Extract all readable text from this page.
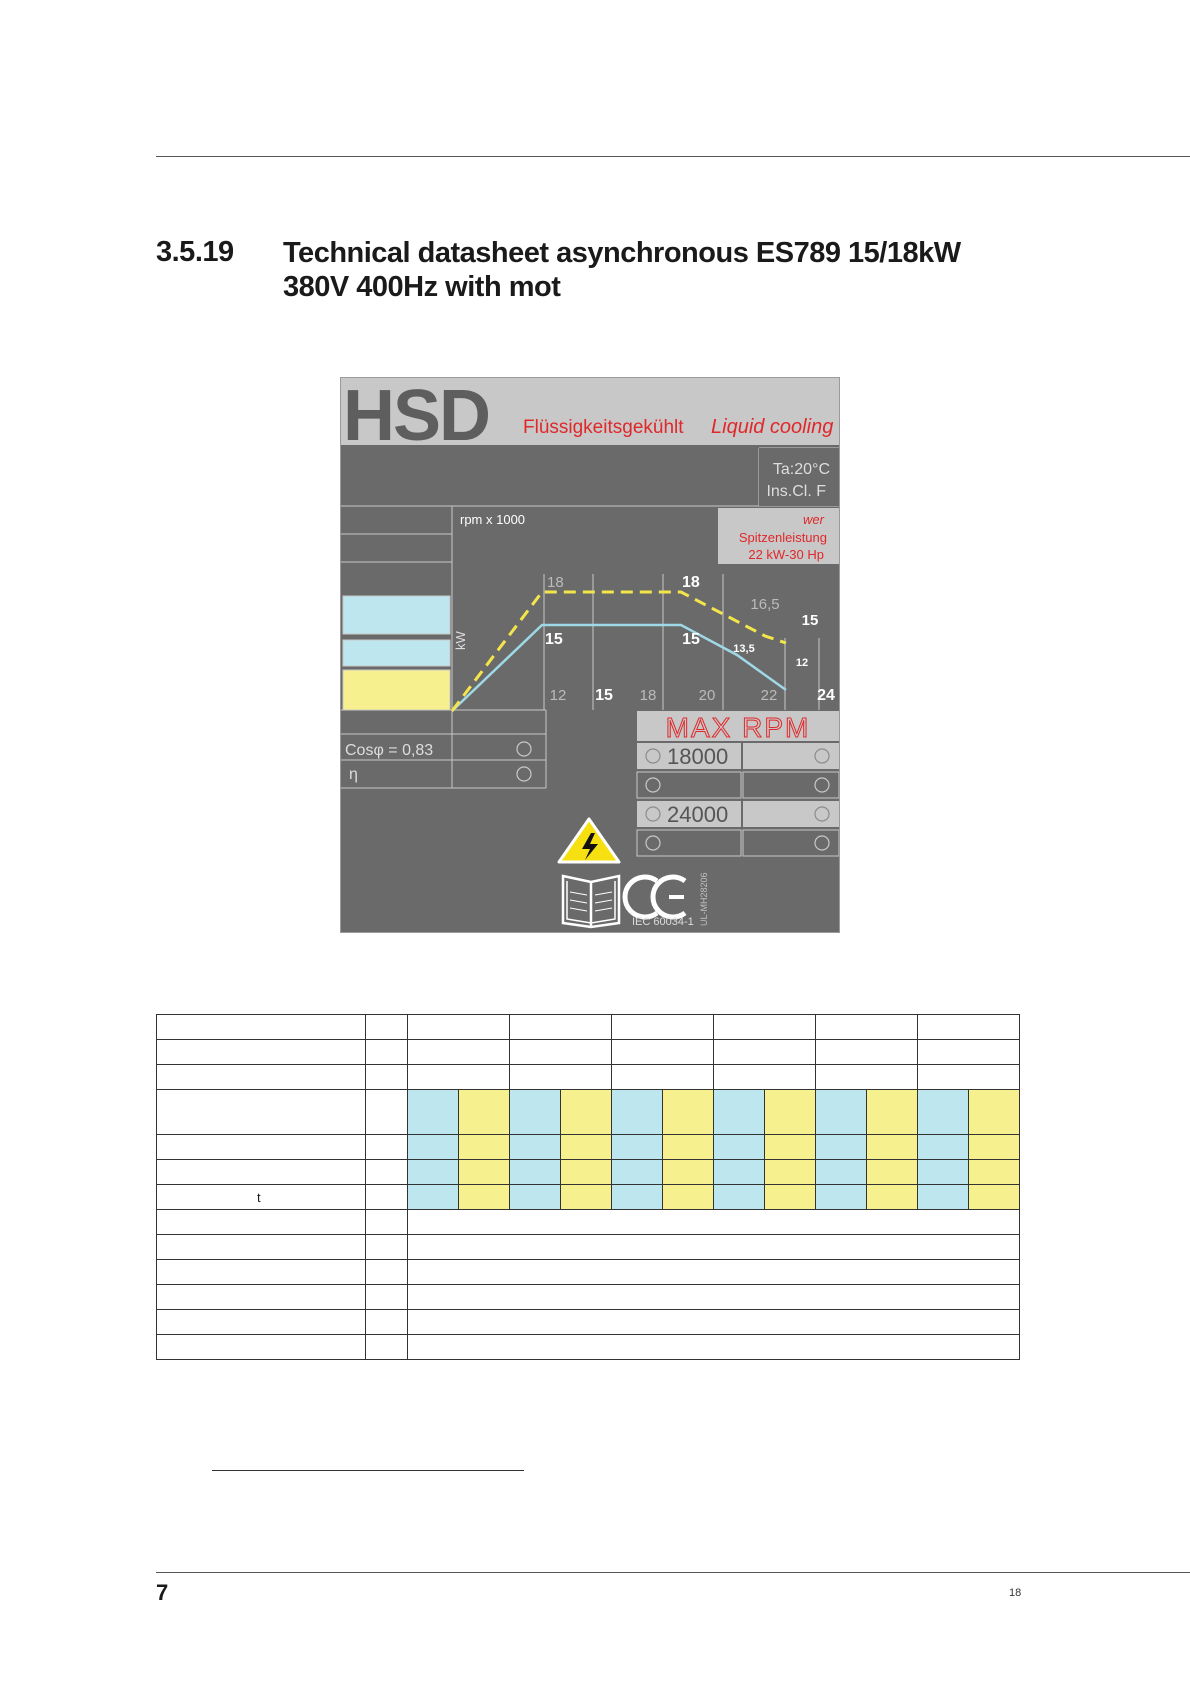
3.5.19 Technical datasheet asynchronous ES789 15/18kW
380V 400Hz with mot
HSD Flüssigkeitsgekühlt Liquid cooling
Ta:20°C
Ins.Cl. F
wer
Spitzenleistung
22 kW-30 Hp
rpm x 1000
kW
18	18
16,5
15
15	15
13,5
12
12 15 18	20	22 24
Cosφ = 0,83
η
MAX RPM
18000
24000
IEC 60034-1 UL-MH28206

t													

7	18
